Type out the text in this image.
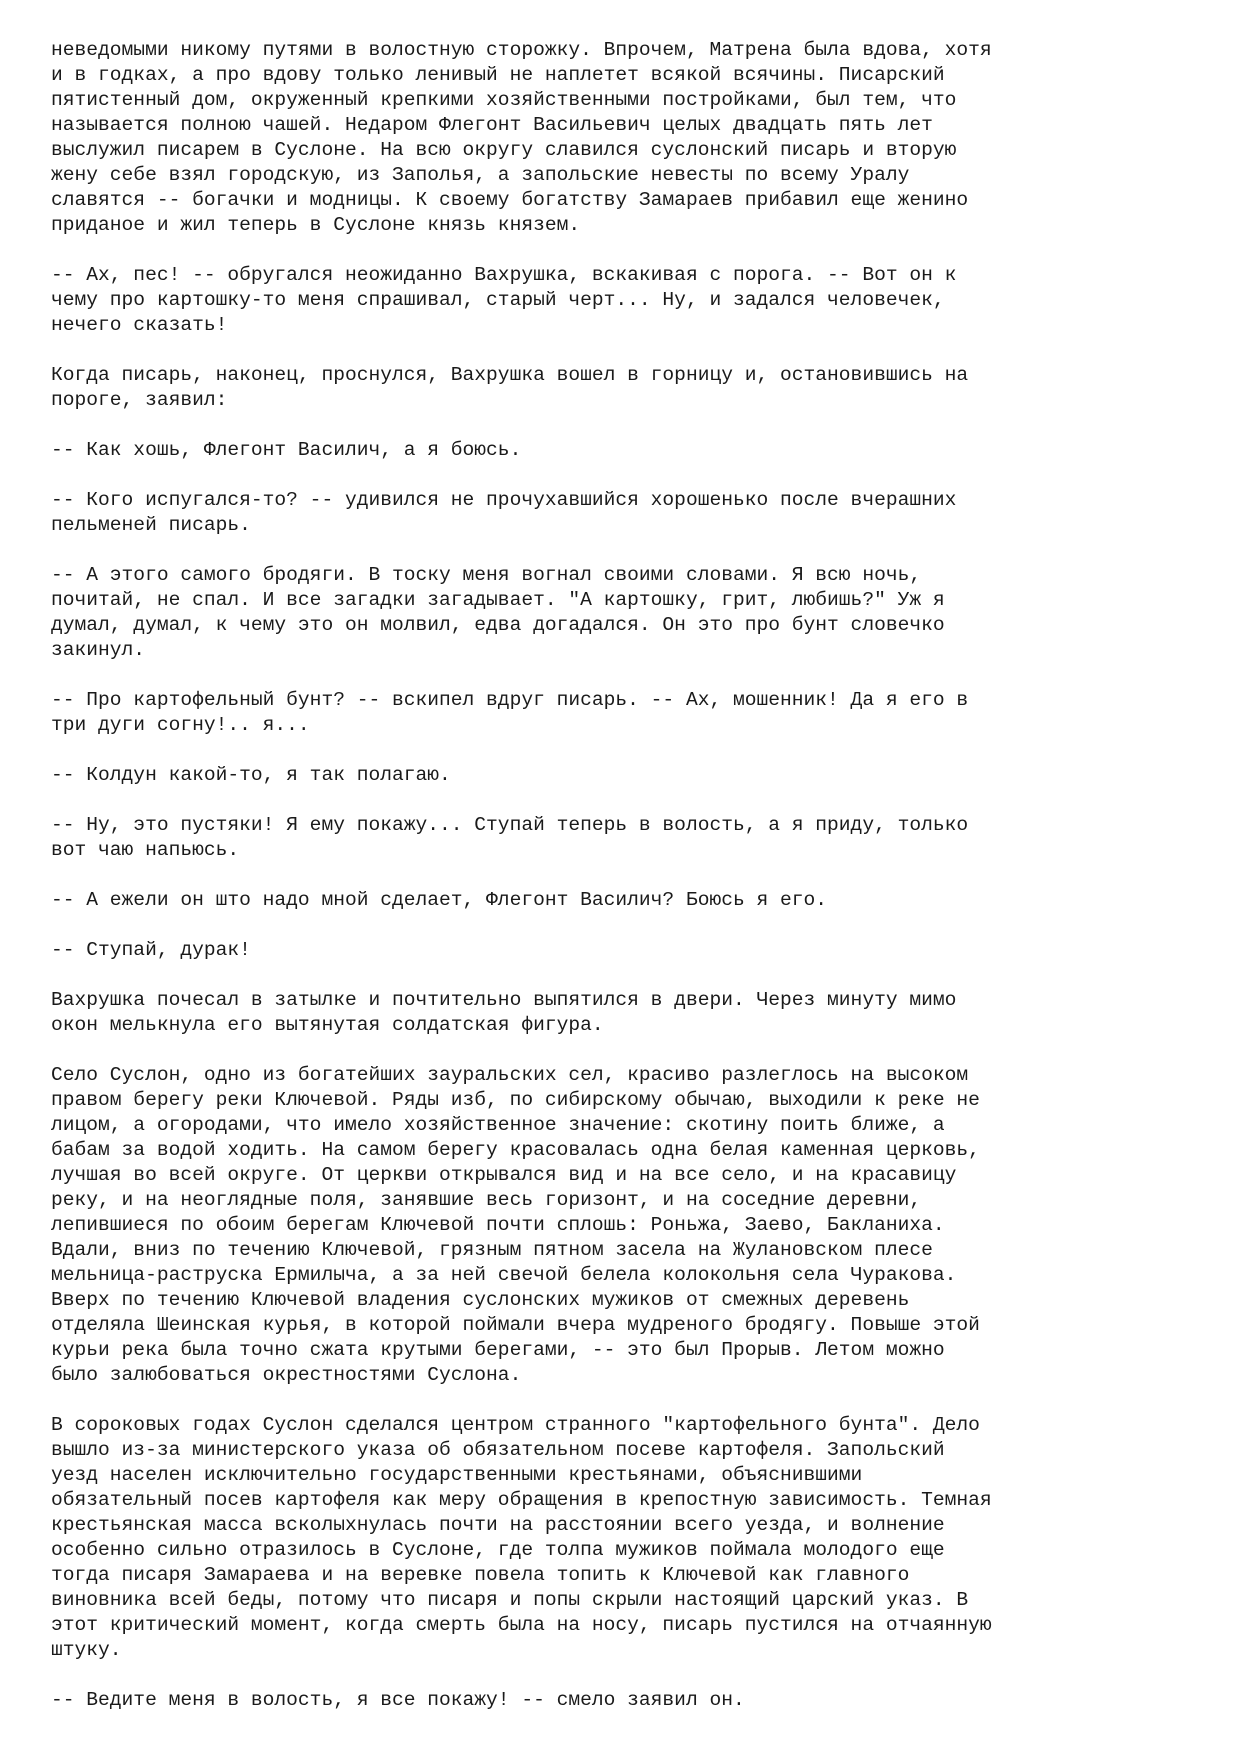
неведомыми никому путями в волостную сторожку. Впрочем, Матрена была вдова, хотя
и в годках, а про вдову только ленивый не наплетет всякой всячины. Писарский
пятистенный дом, окруженный крепкими хозяйственными постройками, был тем, что
называется полною чашей. Недаром Флегонт Васильевич целых двадцать пять лет
выслужил писарем в Суслоне. На всю округу славился суслонский писарь и вторую
жену себе взял городскую, из Заполья, а запольские невесты по всему Уралу
славятся -- богачки и модницы. К своему богатству Замараев прибавил еще женино
приданое и жил теперь в Суслоне князь князем.
-- Ах, пес! -- обругался неожиданно Вахрушка, вскакивая с порога. -- Вот он к
чему про картошку-то меня спрашивал, старый черт... Ну, и задался человечек,
нечего сказать!
Когда писарь, наконец, проснулся, Вахрушка вошел в горницу и, остановившись на
пороге, заявил:
-- Как хошь, Флегонт Василич, а я боюсь.
-- Кого испугался-то? -- удивился не прочухавшийся хорошенько после вчерашних
пельменей писарь.
-- А этого самого бродяги. В тоску меня вогнал своими словами. Я всю ночь,
почитай, не спал. И все загадки загадывает. "А картошку, грит, любишь?" Уж я
думал, думал, к чему это он молвил, едва догадался. Он это про бунт словечко
закинул.
-- Про картофельный бунт? -- вскипел вдруг писарь. -- Ах, мошенник! Да я его в
три дуги согну!.. я...
-- Колдун какой-то, я так полагаю.
-- Ну, это пустяки! Я ему покажу... Ступай теперь в волость, а я приду, только
вот чаю напьюсь.
-- А ежели он што надо мной сделает, Флегонт Василич? Боюсь я его.
-- Ступай, дурак!
Вахрушка почесал в затылке и почтительно выпятился в двери. Через минуту мимо
окон мелькнула его вытянутая солдатская фигура.
Село Суслон, одно из богатейших зауральских сел, красиво разлеглось на высоком
правом берегу реки Ключевой. Ряды изб, по сибирскому обычаю, выходили к реке не
лицом, а огородами, что имело хозяйственное значение: скотину поить ближе, а
бабам за водой ходить. На самом берегу красовалась одна белая каменная церковь,
лучшая во всей округе. От церкви открывался вид и на все село, и на красавицу
реку, и на неоглядные поля, занявшие весь горизонт, и на соседние деревни,
лепившиеся по обоим берегам Ключевой почти сплошь: Роньжа, Заево, Бакланиха.
Вдали, вниз по течению Ключевой, грязным пятном засела на Жулановском плесе
мельница-раструска Ермилыча, а за ней свечой белела колокольня села Чуракова.
Вверх по течению Ключевой владения суслонских мужиков от смежных деревень
отделяла Шеинская курья, в которой поймали вчера мудреного бродягу. Повыше этой
курьи река была точно сжата крутыми берегами, -- это был Прорыв. Летом можно
было залюбоваться окрестностями Суслона.
В сороковых годах Суслон сделался центром странного "картофельного бунта". Дело
вышло из-за министерского указа об обязательном посеве картофеля. Запольский
уезд населен исключительно государственными крестьянами, объяснившими
обязательный посев картофеля как меру обращения в крепостную зависимость. Темная
крестьянская масса всколыхнулась почти на расстоянии всего уезда, и волнение
особенно сильно отразилось в Суслоне, где толпа мужиков поймала молодого еще
тогда писаря Замараева и на веревке повела топить к Ключевой как главного
виновника всей беды, потому что писаря и попы скрыли настоящий царский указ. В
этот критический момент, когда смерть была на носу, писарь пустился на отчаянную
штуку.
-- Ведите меня в волость, я все покажу! -- смело заявил он.
